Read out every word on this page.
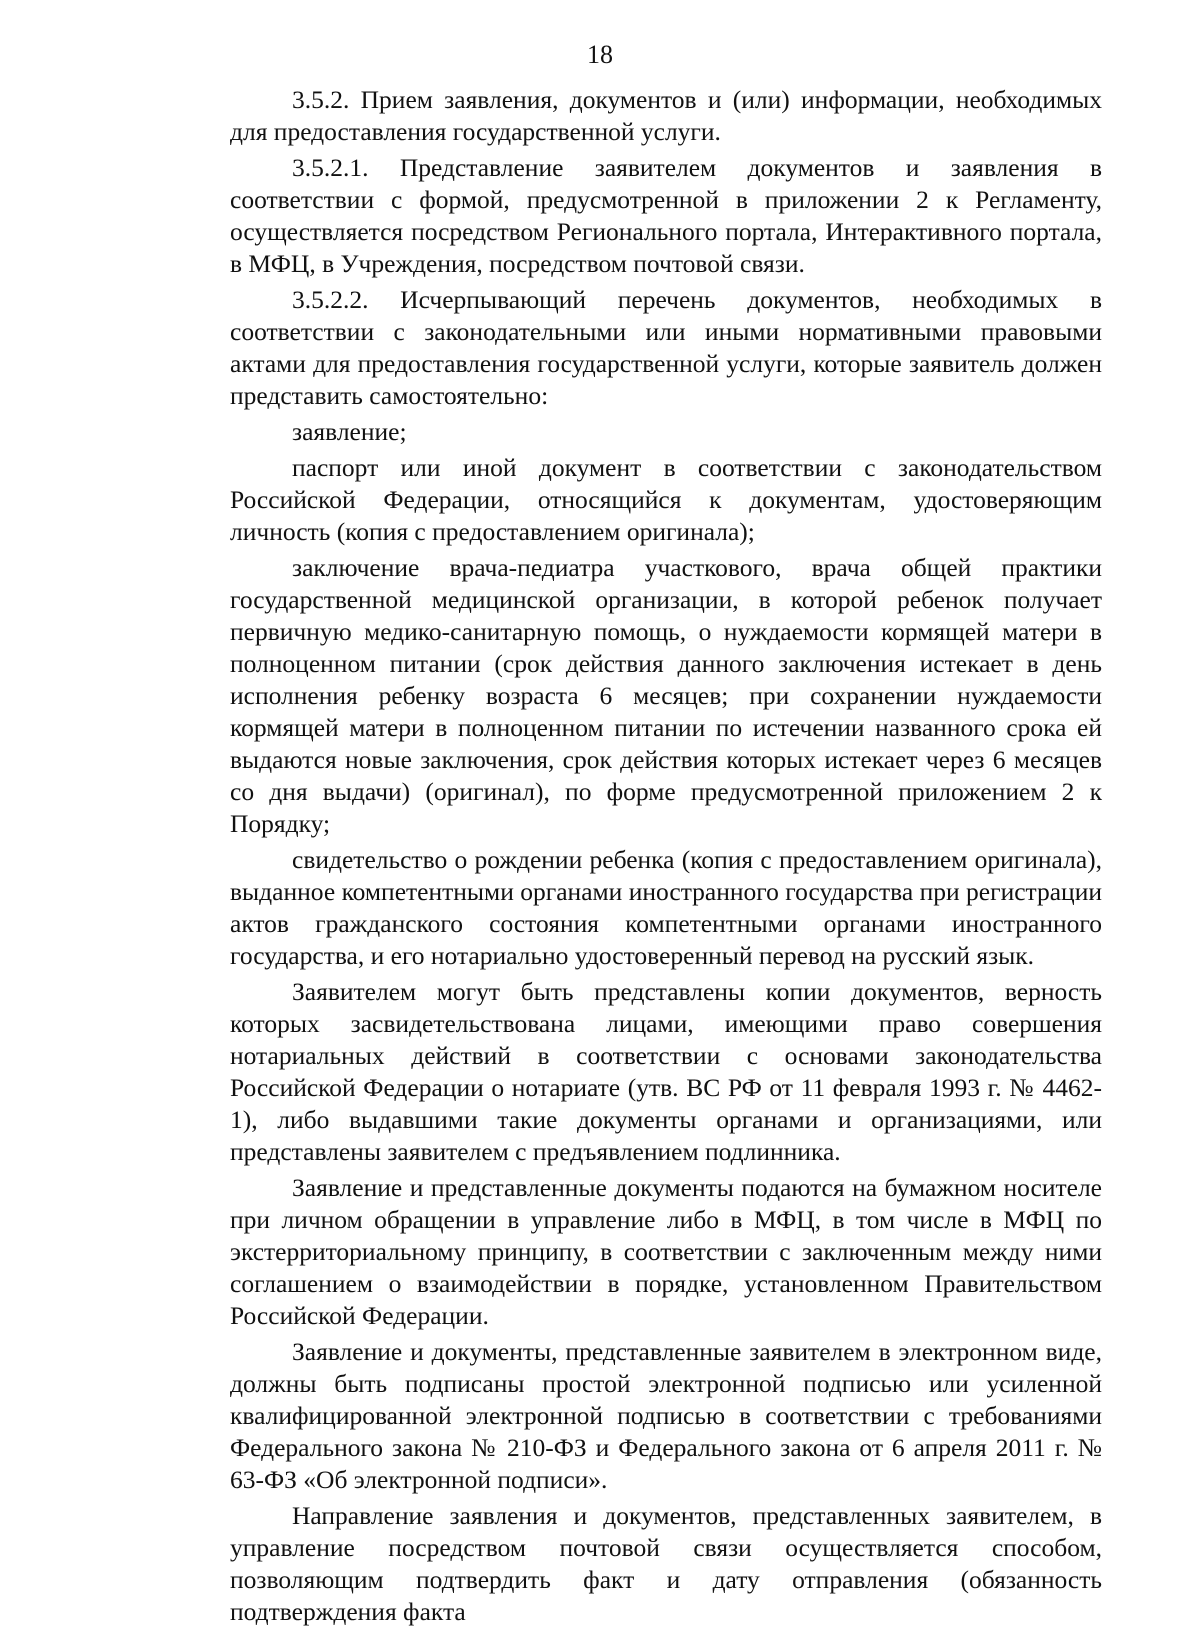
18

3.5.2. Прием заявления, документов и (или) информации, необходимых для предоставления государственной услуги.

3.5.2.1. Представление заявителем документов и заявления в соответствии с формой, предусмотренной в приложении 2 к Регламенту, осуществляется посредством Регионального портала, Интерактивного портала, в МФЦ, в Учреждения, посредством почтовой связи.

3.5.2.2. Исчерпывающий перечень документов, необходимых в соответствии с законодательными или иными нормативными правовыми актами для предоставления государственной услуги, которые заявитель должен представить самостоятельно:

заявление;

паспорт или иной документ в соответствии с законодательством Российской Федерации, относящийся к документам, удостоверяющим личность (копия с предоставлением оригинала);

заключение врача-педиатра участкового, врача общей практики государственной медицинской организации, в которой ребенок получает первичную медико-санитарную помощь, о нуждаемости кормящей матери в полноценном питании (срок действия данного заключения истекает в день исполнения ребенку возраста 6 месяцев; при сохранении нуждаемости кормящей матери в полноценном питании по истечении названного срока ей выдаются новые заключения, срок действия которых истекает через 6 месяцев со дня выдачи) (оригинал), по форме предусмотренной приложением 2 к Порядку;

свидетельство о рождении ребенка (копия с предоставлением оригинала), выданное компетентными органами иностранного государства при регистрации актов гражданского состояния компетентными органами иностранного государства, и его нотариально удостоверенный перевод на русский язык.

Заявителем могут быть представлены копии документов, верность которых засвидетельствована лицами, имеющими право совершения нотариальных действий в соответствии с основами законодательства Российской Федерации о нотариате (утв. ВС РФ от 11 февраля 1993 г. № 4462-1), либо выдавшими такие документы органами и организациями, или представлены заявителем с предъявлением подлинника.

Заявление и представленные документы подаются на бумажном носителе при личном обращении в управление либо в МФЦ, в том числе в МФЦ по экстерриториальному принципу, в соответствии с заключенным между ними соглашением о взаимодействии в порядке, установленном Правительством Российской Федерации.

Заявление и документы, представленные заявителем в электронном виде, должны быть подписаны простой электронной подписью или усиленной квалифицированной электронной подписью в соответствии с требованиями Федерального закона № 210-ФЗ и Федерального закона от 6 апреля 2011 г. № 63-ФЗ «Об электронной подписи».

Направление заявления и документов, представленных заявителем, в управление посредством почтовой связи осуществляется способом, позволяющим подтвердить факт и дату отправления (обязанность подтверждения факта
